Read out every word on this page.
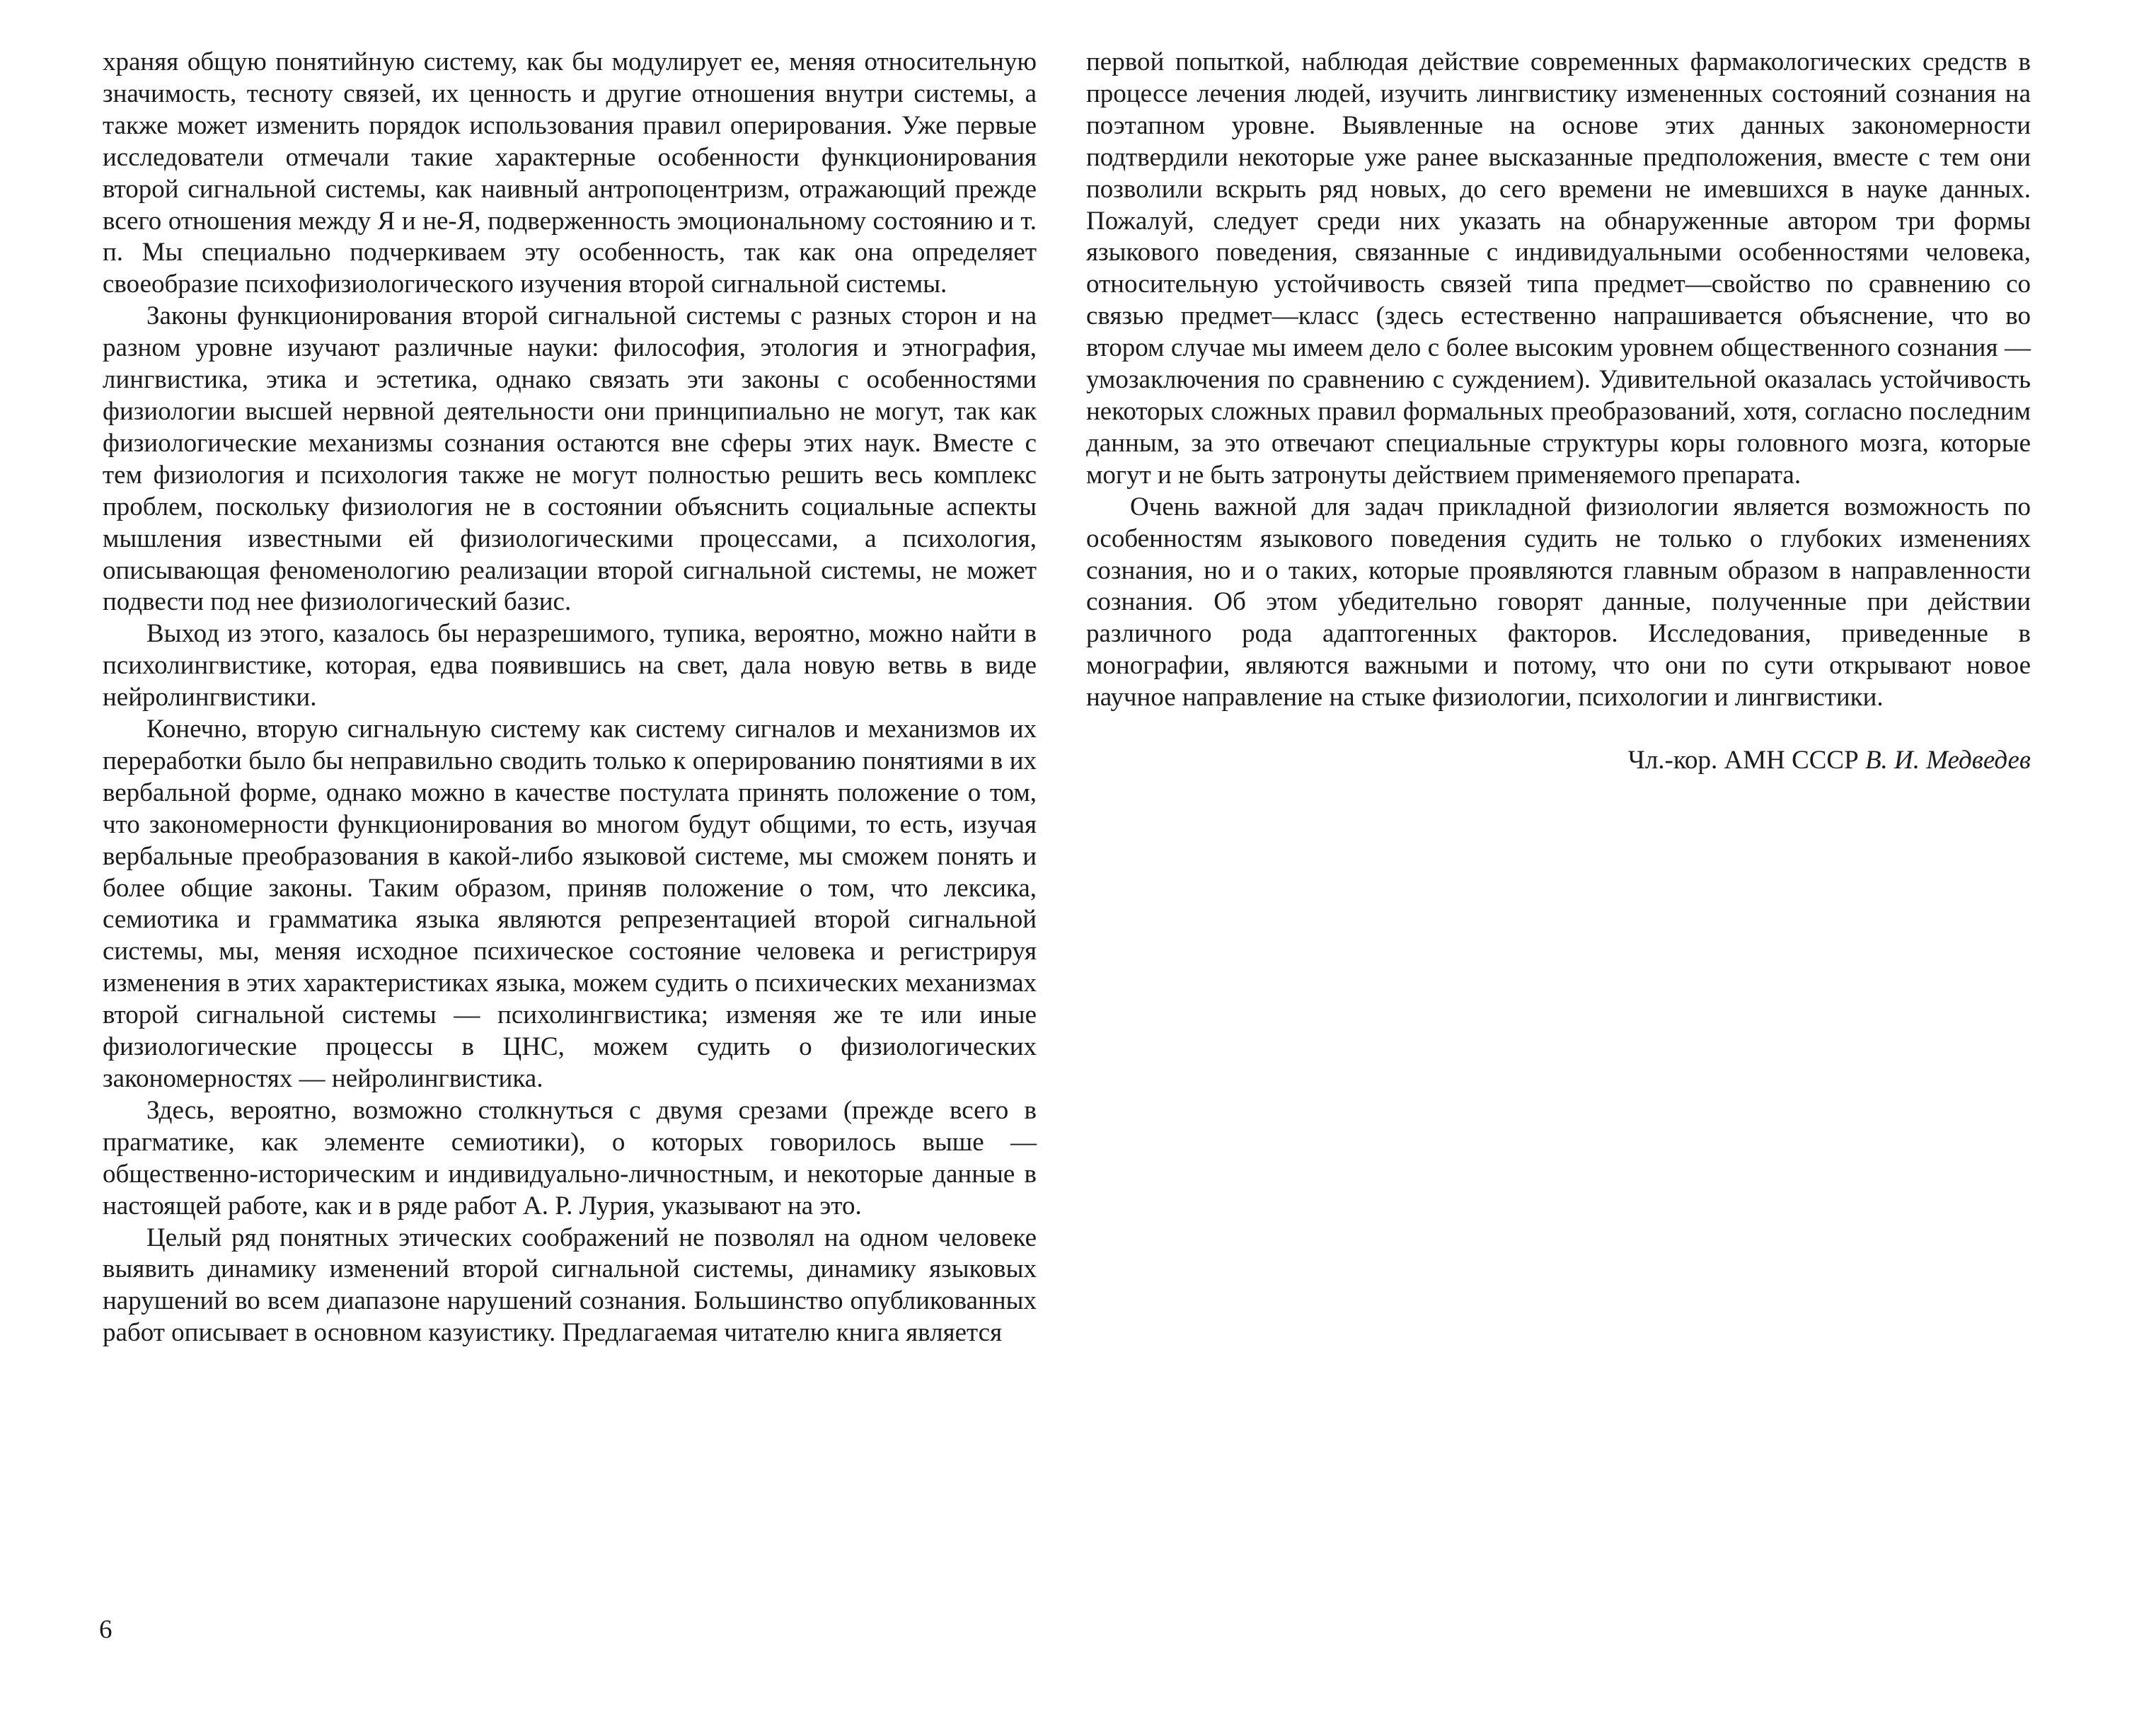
храняя общую понятийную систему, как бы модулирует ее, меняя относительную значимость, тесноту связей, их ценность и другие отношения внутри системы, а также может изменить порядок использования правил оперирования. Уже первые исследователи отмечали такие характерные особенности функционирования второй сигнальной системы, как наивный антропоцентризм, отражающий прежде всего отношения между Я и не-Я, подверженность эмоциональному состоянию и т. п. Мы специально подчеркиваем эту особенность, так как она определяет своеобразие психофизиологического изучения второй сигнальной системы.

Законы функционирования второй сигнальной системы с разных сторон и на разном уровне изучают различные науки: философия, этология и этнография, лингвистика, этика и эстетика, однако связать эти законы с особенностями физиологии высшей нервной деятельности они принципиально не могут, так как физиологические механизмы сознания остаются вне сферы этих наук. Вместе с тем физиология и психология также не могут полностью решить весь комплекс проблем, поскольку физиология не в состоянии объяснить социальные аспекты мышления известными ей физиологическими процессами, а психология, описывающая феноменологию реализации второй сигнальной системы, не может подвести под нее физиологический базис.

Выход из этого, казалось бы неразрешимого, тупика, вероятно, можно найти в психолингвистике, которая, едва появившись на свет, дала новую ветвь в виде нейролингвистики.

Конечно, вторую сигнальную систему как систему сигналов и механизмов их переработки было бы неправильно сводить только к оперированию понятиями в их вербальной форме, однако можно в качестве постулата принять положение о том, что закономерности функционирования во многом будут общими, то есть, изучая вербальные преобразования в какой-либо языковой системе, мы сможем понять и более общие законы. Таким образом, приняв положение о том, что лексика, семиотика и грамматика языка являются репрезентацией второй сигнальной системы, мы, меняя исходное психическое состояние человека и регистрируя изменения в этих характеристиках языка, можем судить о психических механизмах второй сигнальной системы — психолингвистика; изменяя же те или иные физиологические процессы в ЦНС, можем судить о физиологических закономерностях — нейролингвистика.

Здесь, вероятно, возможно столкнуться с двумя срезами (прежде всего в прагматике, как элементе семиотики), о которых говорилось выше — общественно-историческим и индивидуально-личностным, и некоторые данные в настоящей работе, как и в ряде работ А. Р. Лурия, указывают на это.

Целый ряд понятных этических соображений не позволял на одном человеке выявить динамику изменений второй сигнальной системы, динамику языковых нарушений во всем диапазоне нарушений сознания. Большинство опубликованных работ описывает в основном казуистику. Предлагаемая читателю книга является

первой попыткой, наблюдая действие современных фармакологических средств в процессе лечения людей, изучить лингвистику измененных состояний сознания на поэтапном уровне. Выявленные на основе этих данных закономерности подтвердили некоторые уже ранее высказанные предположения, вместе с тем они позволили вскрыть ряд новых, до сего времени не имевшихся в науке данных. Пожалуй, следует среди них указать на обнаруженные автором три формы языкового поведения, связанные с индивидуальными особенностями человека, относительную устойчивость связей типа предмет—свойство по сравнению со связью предмет—класс (здесь естественно напрашивается объяснение, что во втором случае мы имеем дело с более высоким уровнем общественного сознания — умозаключения по сравнению с суждением). Удивительной оказалась устойчивость некоторых сложных правил формальных преобразований, хотя, согласно последним данным, за это отвечают специальные структуры коры головного мозга, которые могут и не быть затронуты действием применяемого препарата.

Очень важной для задач прикладной физиологии является возможность по особенностям языкового поведения судить не только о глубоких изменениях сознания, но и о таких, которые проявляются главным образом в направленности сознания. Об этом убедительно говорят данные, полученные при действии различного рода адаптогенных факторов. Исследования, приведенные в монографии, являются важными и потому, что они по сути открывают новое научное направление на стыке физиологии, психологии и лингвистики.

Чл.-кор. АМН СССР В. И. Медведев

6
